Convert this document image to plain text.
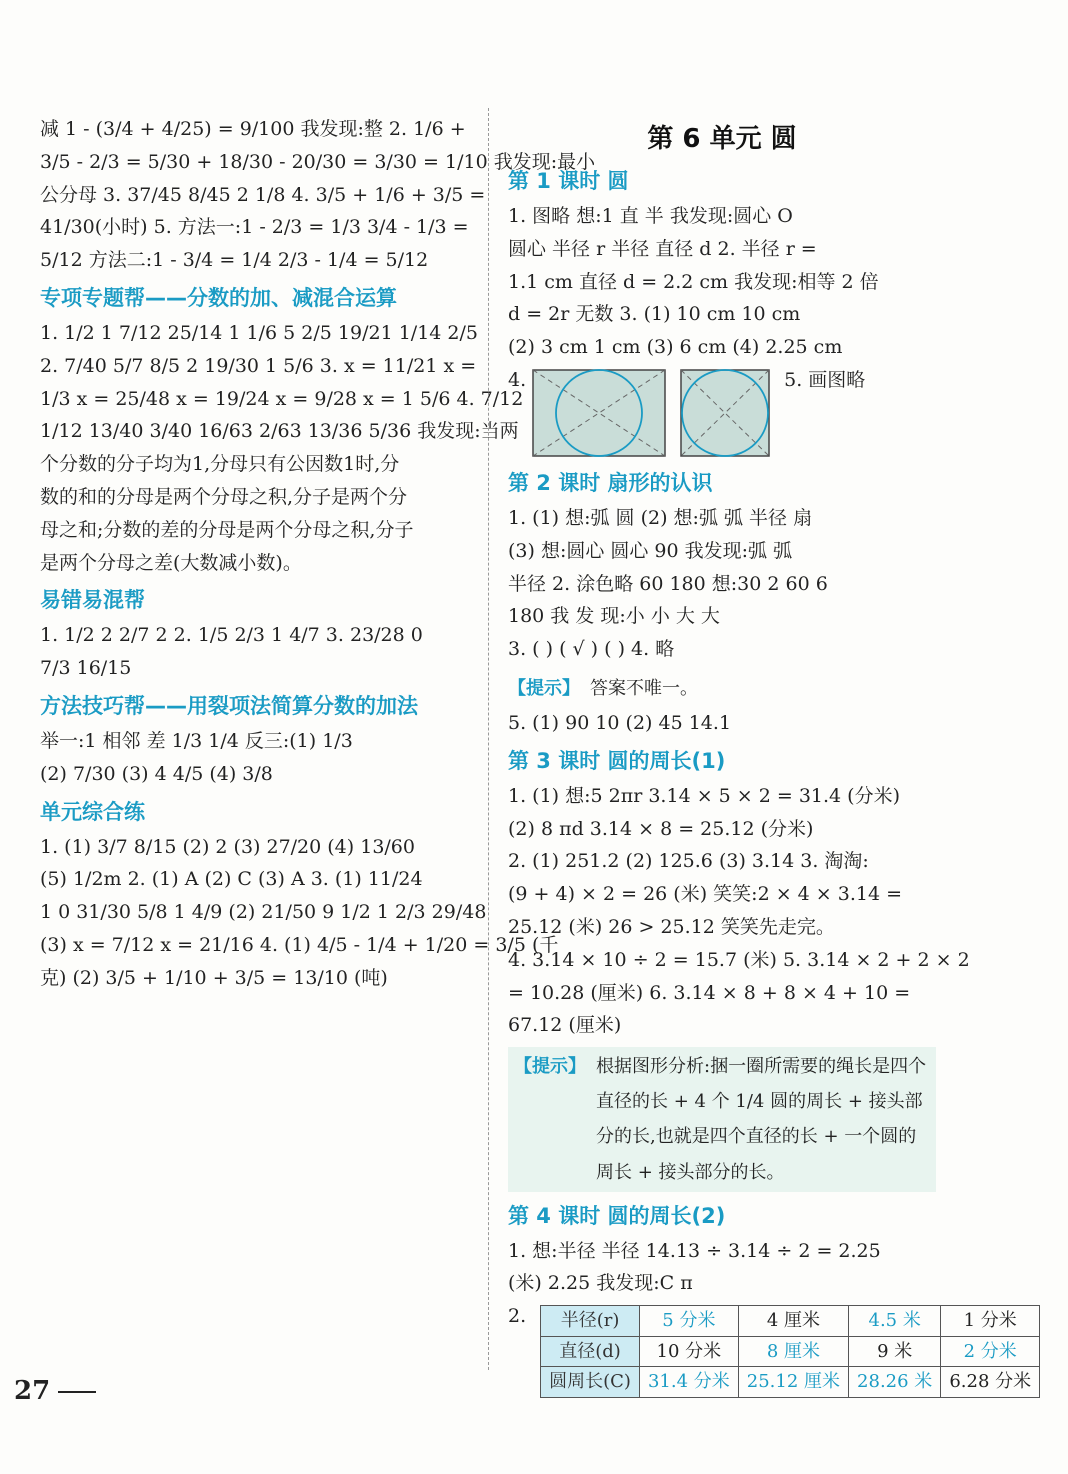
减 1 - (3/4 + 4/25) = 9/100 我发现:整 2. 1/6 +
3/5 - 2/3 = 5/30 + 18/30 - 20/30 = 3/30 = 1/10 我发现:最小
公分母 3. 37/45 8/45 2 1/8 4. 3/5 + 1/6 + 3/5 =
41/30(小时) 5. 方法一:1 - 2/3 = 1/3 3/4 - 1/3 =
5/12 方法二:1 - 3/4 = 1/4 2/3 - 1/4 = 5/12
专项专题帮——分数的加、减混合运算
1. 1/2 1 7/12 25/14 1 1/6 5 2/5 19/21 1/14 2/5
2. 7/40 5/7 8/5 2 19/30 1 5/6 3. x = 11/21 x =
1/3 x = 25/48 x = 19/24 x = 9/28 x = 1 5/6 4. 7/12
1/12 13/40 3/40 16/63 2/63 13/36 5/36 我发现:当两
个分数的分子均为1,分母只有公因数1时,分
数的和的分母是两个分母之积,分子是两个分
母之和;分数的差的分母是两个分母之积,分子
是两个分母之差(大数减小数)。
易错易混帮
1. 1/2 2 2/7 2 2. 1/5 2/3 1 4/7 3. 23/28 0
7/3 16/15
方法技巧帮——用裂项法简算分数的加法
举一:1 相邻 差 1/3 1/4 反三:(1) 1/3
(2) 7/30 (3) 4 4/5 (4) 3/8
单元综合练
1. (1) 3/7 8/15 (2) 2 (3) 27/20 (4) 13/60
(5) 1/2m 2. (1) A (2) C (3) A 3. (1) 11/24
1 0 31/30 5/8 1 4/9 (2) 21/50 9 1/2 1 2/3 29/48
(3) x = 7/12 x = 21/16 4. (1) 4/5 - 1/4 + 1/20 = 3/5 (千
克) (2) 3/5 + 1/10 + 3/5 = 13/10 (吨)
第 6 单元 圆
第 1 课时 圆
1. 图略 想:1 直 半 我发现:圆心 O
圆心 半径 r 半径 直径 d 2. 半径 r =
1.1 cm 直径 d = 2.2 cm 我发现:相等 2 倍
d = 2r 无数 3. (1) 10 cm 10 cm
(2) 3 cm 1 cm (3) 6 cm (4) 2.25 cm
4.	5. 画图略
第 2 课时 扇形的认识
1. (1) 想:弧 圆 (2) 想:弧 弧 半径 扇
(3) 想:圆心 圆心 90 我发现:弧 弧
半径 2. 涂色略 60 180 想:30 2 60 6
180 我 发 现:小 小 大 大
3. ( ) ( √ ) ( ) 4. 略
【提示】 答案不唯一。
5. (1) 90 10 (2) 45 14.1
第 3 课时 圆的周长(1)
1. (1) 想:5 2πr 3.14 × 5 × 2 = 31.4 (分米)
(2) 8 πd 3.14 × 8 = 25.12 (分米)
2. (1) 251.2 (2) 125.6 (3) 3.14 3. 淘淘:
(9 + 4) × 2 = 26 (米) 笑笑:2 × 4 × 3.14 =
25.12 (米) 26 > 25.12 笑笑先走完。
4. 3.14 × 10 ÷ 2 = 15.7 (米) 5. 3.14 × 2 + 2 × 2
= 10.28 (厘米) 6. 3.14 × 8 + 8 × 4 + 10 =
67.12 (厘米)
【提示】 根据图形分析:捆一圈所需要的绳长是四个直径的长 + 4 个 1/4 圆的周长 + 接头部分的长,也就是四个直径的长 + 一个圆的周长 + 接头部分的长。
第 4 课时 圆的周长(2)
1. 想:半径 半径 14.13 ÷ 3.14 ÷ 2 = 2.25
(米) 2.25 我发现:C π
2. 半径(r)	5 分米	4 厘米	4.5 米	1 分米
直径(d)	10 分米	8 厘米	9 米	2 分米
圆周长(C)	31.4 分米	25.12 厘米	28.26 米	6.28 分米
27
